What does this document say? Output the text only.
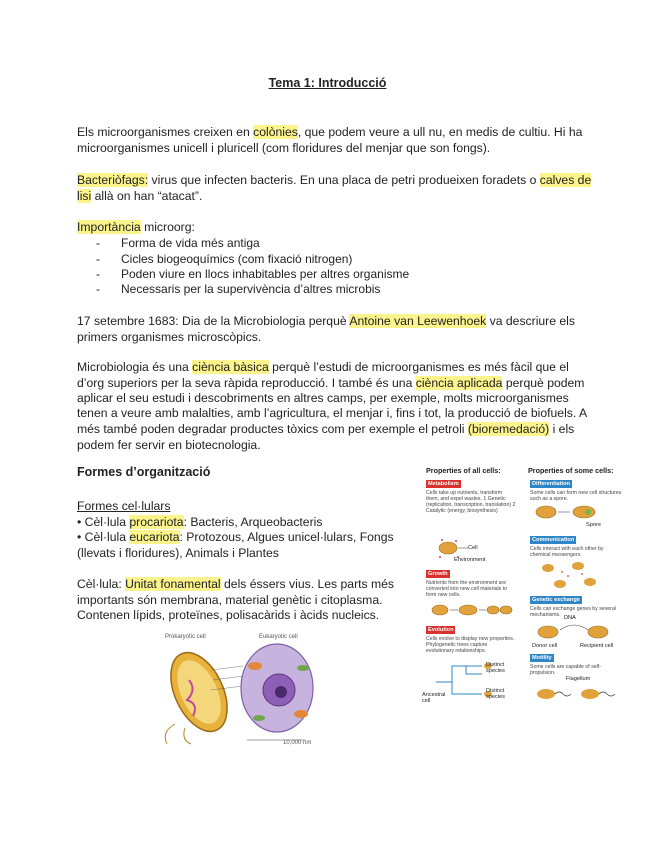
Tema 1: Introducció
Els microorganismes creixen en colònies, que podem veure a ull nu, en medis de cultiu. Hi ha
microorganismes unicell i pluricell (com floridures del menjar que son fongs).
Bacteriòfags: virus que infecten bacteris. En una placa de petri produeixen foradets o calves de
lisi allà on han “atacat”.
Importància microorg:
- Forma de vida més antiga
- Cicles biogeoquímics (com fixació nitrogen)
- Poden viure en llocs inhabitables per altres organisme
- Necessaris per la supervivència d’altres microbis
17 setembre 1683: Dia de la Microbiologia perquè Antoine van Leewenhoek va descriure els
primers organismes microscòpics.
Microbiologia és una ciència bàsica perquè l’estudi de microorganismes es més fàcil que el
d’org superiors per la seva ràpida reproducció. I també és una ciència aplicada perquè podem
aplicar el seu estudi i descobriments en altres camps, per exemple, molts microorganismes
tenen a veure amb malalties, amb l’agricultura, el menjar i, fins i tot, la producció de biofuels. A
més també poden degradar productes tòxics com per exemple el petroli (bioremedació) i els
podem fer servir en biotecnologia.
Formes d’organització
Formes cel·lulars
• Cèl·lula procariota: Bacteris, Arqueobacteris
• Cèl·lula eucariota: Protozous, Algues unicel·lulars, Fongs
(llevats i floridures), Animals i Plantes
Cèl·lula: Unitat fonamental dels éssers vius. Les parts més
importants són membrana, material genètic i citoplasma.
Contenen lípids, proteïnes, polisacàrids i àcids nucleics.
Properties of all cells:	Properties of some cells:
Metabolism
Cells take up nutrients, transform them, and expel wastes. 1 Genetic (replication, transcription, translation) 2 Catalytic (energy, biosynthesis)
Cell
Environment
Growth
Nutrients from the environment are converted into new cell materials to form new cells.
Evolution
Cells evolve to display new properties. Phylogenetic trees capture evolutionary relationships.
Ancestral cell
Distinct species
Distinct species
Differentiation
Some cells can form new cell structures such as a spore.
Spore
Communication
Cells interact with each other by chemical messengers.
Genetic exchange
Cells can exchange genes by several mechanisms. DNA
Donor cell	Recipient cell
Motility
Some cells are capable of self-propulsion.
Flagellum
Prokaryotic cell	Eukaryotic cell
10,000 nm
